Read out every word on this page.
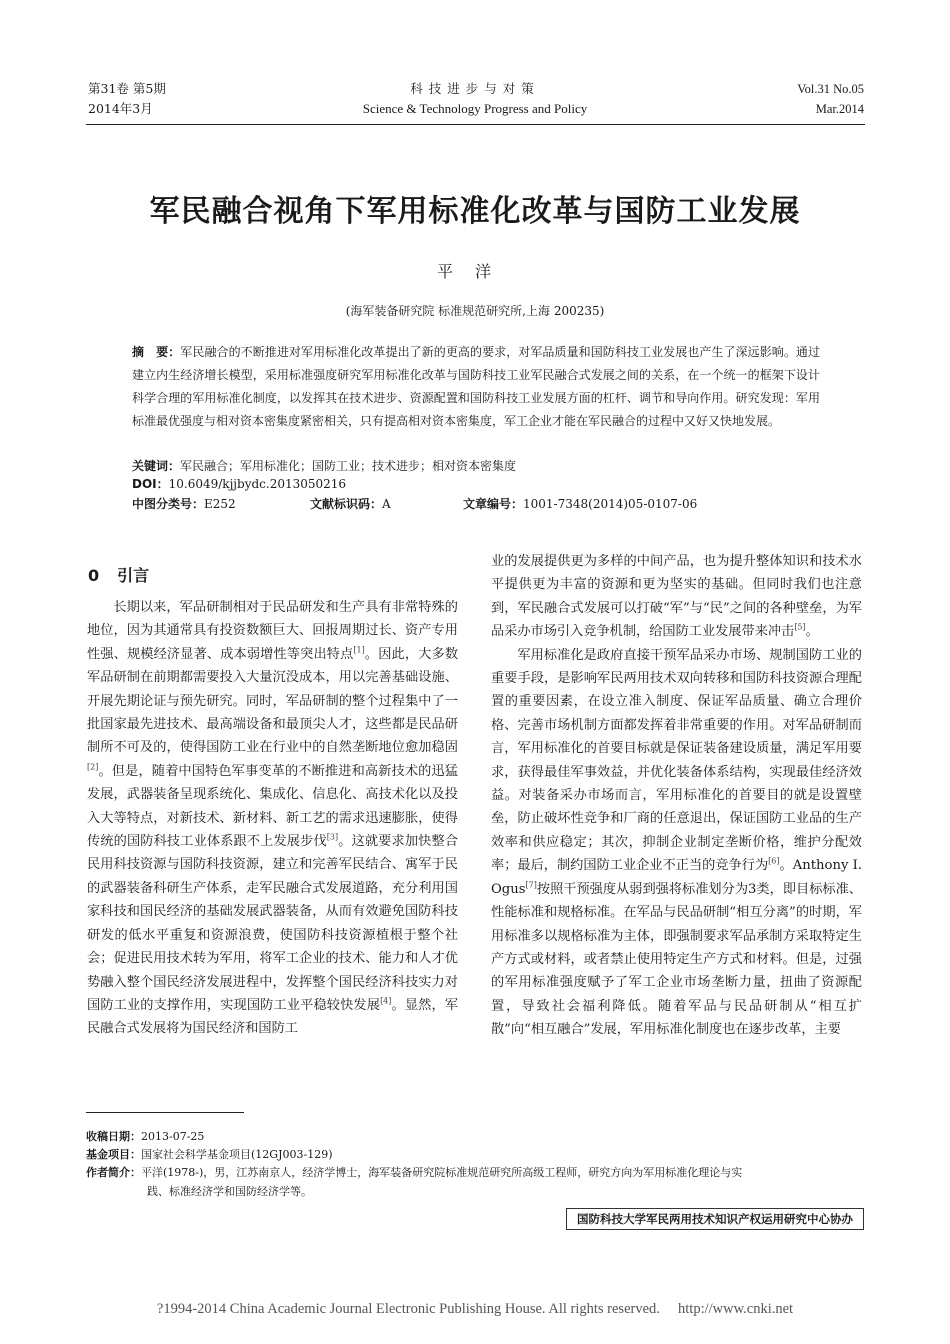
第31卷 第5期
2014年3月
科技进步与对策
Science & Technology Progress and Policy
Vol.31 No.05
Mar.2014
军民融合视角下军用标准化改革与国防工业发展
平洋
(海军装备研究院 标准规范研究所,上海 200235)
摘　要：军民融合的不断推进对军用标准化改革提出了新的更高的要求，对军品质量和国防科技工业发展也产生了深远影响。通过建立内生经济增长模型，采用标准强度研究军用标准化改革与国防科技工业军民融合式发展之间的关系，在一个统一的框架下设计科学合理的军用标准化制度，以发挥其在技术进步、资源配置和国防科技工业发展方面的杠杆、调节和导向作用。研究发现：军用标准最优强度与相对资本密集度紧密相关，只有提高相对资本密集度，军工企业才能在军民融合的过程中又好又快地发展。
关键词：军民融合；军用标准化；国防工业；技术进步；相对资本密集度
DOI：10.6049/kjjbydc.2013050216
中图分类号：E252	文献标识码：A	文章编号：1001-7348(2014)05-0107-06
0 引言

长期以来，军品研制相对于民品研发和生产具有非常特殊的地位，因为其通常具有投资数额巨大、回报周期过长、资产专用性强、规模经济显著、成本弱增性等突出特点[1]。因此，大多数军品研制在前期都需要投入大量沉没成本，用以完善基础设施、开展先期论证与预先研究。同时，军品研制的整个过程集中了一批国家最先进技术、最高端设备和最顶尖人才，这些都是民品研制所不可及的，使得国防工业在行业中的自然垄断地位愈加稳固[2]。但是，随着中国特色军事变革的不断推进和高新技术的迅猛发展，武器装备呈现系统化、集成化、信息化、高技术化以及投入大等特点，对新技术、新材料、新工艺的需求迅速膨胀，使得传统的国防科技工业体系跟不上发展步伐[3]。这就要求加快整合民用科技资源与国防科技资源，建立和完善军民结合、寓军于民的武器装备科研生产体系，走军民融合式发展道路，充分利用国家科技和国民经济的基础发展武器装备，从而有效避免国防科技研发的低水平重复和资源浪费，使国防科技资源植根于整个社会；促进民用技术转为军用，将军工企业的技术、能力和人才优势融入整个国民经济发展进程中，发挥整个国民经济科技实力对国防工业的支撑作用，实现国防工业平稳较快发展[4]。显然，军民融合式发展将为国民经济和国防工

业的发展提供更为多样的中间产品，也为提升整体知识和技术水平提供更为丰富的资源和更为坚实的基础。但同时我们也注意到，军民融合式发展可以打破“军”与“民”之间的各种壁垒，为军品采办市场引入竞争机制，给国防工业发展带来冲击[5]。

军用标准化是政府直接干预军品采办市场、规制国防工业的重要手段，是影响军民两用技术双向转移和国防科技资源合理配置的重要因素，在设立准入制度、保证军品质量、确立合理价格、完善市场机制方面都发挥着非常重要的作用。对军品研制而言，军用标准化的首要目标就是保证装备建设质量，满足军用要求，获得最佳军事效益，并优化装备体系结构，实现最佳经济效益。对装备采办市场而言，军用标准化的首要目的就是设置壁垒，防止破坏性竞争和厂商的任意退出，保证国防工业品的生产效率和供应稳定；其次，抑制企业制定垄断价格，维护分配效率；最后，制约国防工业企业不正当的竞争行为[6]。Anthony I. Ogus[7]按照干预强度从弱到强将标准划分为3类，即目标标准、性能标准和规格标准。在军品与民品研制“相互分离”的时期，军用标准多以规格标准为主体，即强制要求军品承制方采取特定生产方式或材料，或者禁止使用特定生产方式和材料。但是，过强的军用标准强度赋予了军工企业市场垄断力量，扭曲了资源配置，导致社会福利降低。随着军品与民品研制从“相互扩散”向“相互融合”发展，军用标准化制度也在逐步改革，主要

收稿日期：2013-07-25
基金项目：国家社会科学基金项目(12GJ003-129)
作者简介：平洋(1978-)，男，江苏南京人，经济学博士，海军装备研究院标准规范研究所高级工程师，研究方向为军用标准化理论与实
践、标准经济学和国防经济学等。
国防科技大学军民两用技术知识产权运用研究中心协办
?1994-2014 China Academic Journal Electronic Publishing House. All rights reserved.　 http://www.cnki.net
